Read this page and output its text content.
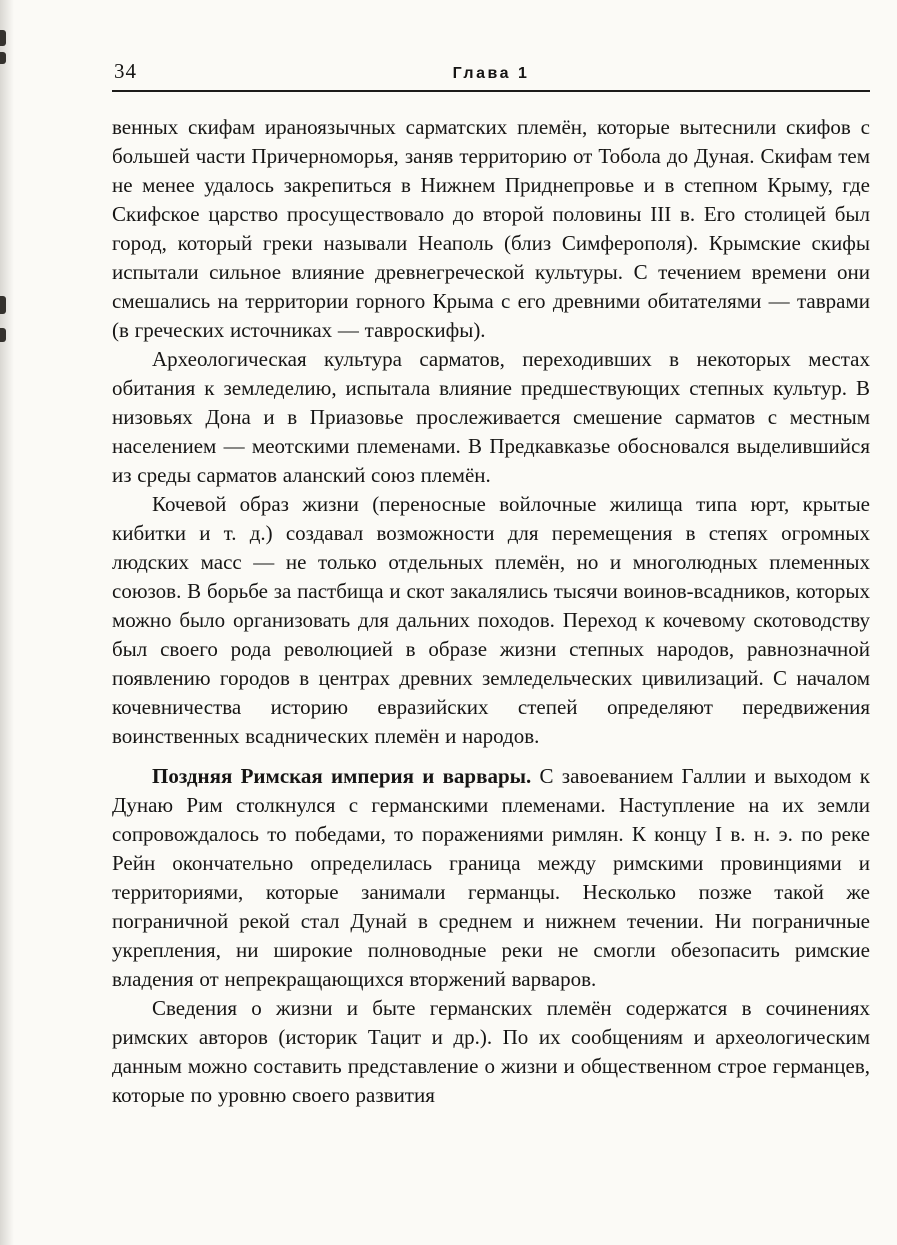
34	Глава 1

венных скифам ираноязычных сарматских племён, которые вытеснили скифов с большей части Причерноморья, заняв территорию от Тобола до Дуная. Скифам тем не менее удалось закрепиться в Нижнем Приднепровье и в степном Крыму, где Скифское царство просуществовало до второй половины III в. Его столицей был город, который греки называли Неаполь (близ Симферополя). Крымские скифы испытали сильное влияние древнегреческой культуры. С течением времени они смешались на территории горного Крыма с его древними обитателями — таврами (в греческих источниках — тавроскифы).

Археологическая культура сарматов, переходивших в некоторых местах обитания к земледелию, испытала влияние предшествующих степных культур. В низовьях Дона и в Приазовье прослеживается смешение сарматов с местным населением — меотскими племенами. В Предкавказье обосновался выделившийся из среды сарматов аланский союз племён.

Кочевой образ жизни (переносные войлочные жилища типа юрт, крытые кибитки и т. д.) создавал возможности для перемещения в степях огромных людских масс — не только отдельных племён, но и многолюдных племенных союзов. В борьбе за пастбища и скот закалялись тысячи воинов-всадников, которых можно было организовать для дальних походов. Переход к кочевому скотоводству был своего рода революцией в образе жизни степных народов, равнозначной появлению городов в центрах древних земледельческих цивилизаций. С началом кочевничества историю евразийских степей определяют передвижения воинственных всаднических племён и народов.

Поздняя Римская империя и варвары. С завоеванием Галлии и выходом к Дунаю Рим столкнулся с германскими племенами. Наступление на их земли сопровождалось то победами, то поражениями римлян. К концу I в. н. э. по реке Рейн окончательно определилась граница между римскими провинциями и территориями, которые занимали германцы. Несколько позже такой же пограничной рекой стал Дунай в среднем и нижнем течении. Ни пограничные укрепления, ни широкие полноводные реки не смогли обезопасить римские владения от непрекращающихся вторжений варваров.

Сведения о жизни и быте германских племён содержатся в сочинениях римских авторов (историк Тацит и др.). По их сообщениям и археологическим данным можно составить представление о жизни и общественном строе германцев, которые по уровню своего развития
